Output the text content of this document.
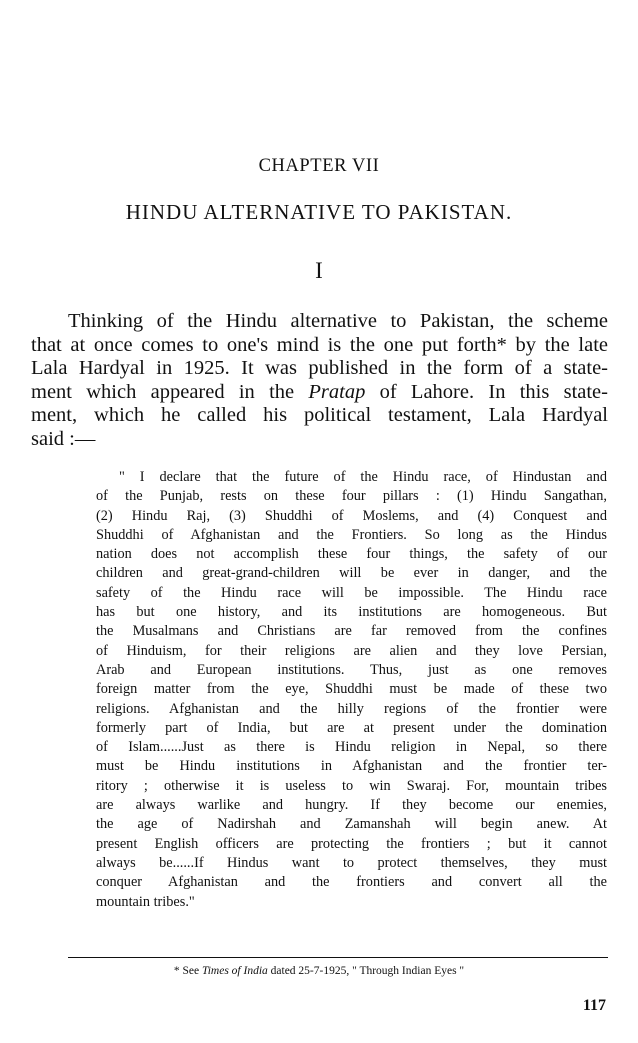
CHAPTER VII

HINDU ALTERNATIVE TO PAKISTAN.

I

Thinking of the Hindu alternative to Pakistan, the scheme
that at once comes to one's mind is the one put forth* by the late
Lala Hardyal in 1925. It was published in the form of a state-
ment which appeared in the Pratap of Lahore. In this state-
ment, which he called his political testament, Lala Hardyal
said :—

" I declare that the future of the Hindu race, of Hindustan and
of the Punjab, rests on these four pillars : (1) Hindu Sangathan,
(2) Hindu Raj, (3) Shuddhi of Moslems, and (4) Conquest and
Shuddhi of Afghanistan and the Frontiers. So long as the Hindus
nation does not accomplish these four things, the safety of our
children and great-grand-children will be ever in danger, and the
safety of the Hindu race will be impossible. The Hindu race
has but one history, and its institutions are homogeneous. But
the Musalmans and Christians are far removed from the confines
of Hinduism, for their religions are alien and they love Persian,
Arab and European institutions. Thus, just as one removes
foreign matter from the eye, Shuddhi must be made of these two
religions. Afghanistan and the hilly regions of the frontier were
formerly part of India, but are at present under the domination
of Islam......Just as there is Hindu religion in Nepal, so there
must be Hindu institutions in Afghanistan and the frontier ter-
ritory ; otherwise it is useless to win Swaraj. For, mountain tribes
are always warlike and hungry. If they become our enemies,
the age of Nadirshah and Zamanshah will begin anew. At
present English officers are protecting the frontiers ; but it cannot
always be......If Hindus want to protect themselves, they must
conquer Afghanistan and the frontiers and convert all the
mountain tribes."

* See Times of India dated 25-7-1925, " Through Indian Eyes "

117
